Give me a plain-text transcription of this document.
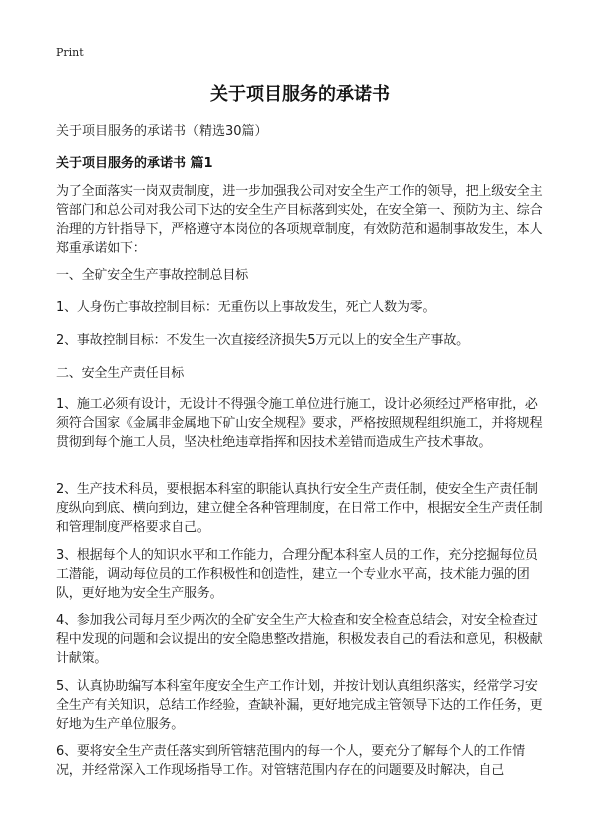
Print
关于项目服务的承诺书
关于项目服务的承诺书（精选30篇）
关于项目服务的承诺书 篇1

为了全面落实一岗双责制度，进一步加强我公司对安全生产工作的领导，把上级安全主管部门和总公司对我公司下达的安全生产目标落到实处，在安全第一、预防为主、综合治理的方针指导下，严格遵守本岗位的各项规章制度，有效防范和遏制事故发生，本人郑重承诺如下：

一、全矿安全生产事故控制总目标

1、人身伤亡事故控制目标：无重伤以上事故发生，死亡人数为零。

2、事故控制目标：不发生一次直接经济损失5万元以上的安全生产事故。

二、安全生产责任目标

1、施工必须有设计，无设计不得强令施工单位进行施工，设计必须经过严格审批，必须符合国家《金属非金属地下矿山安全规程》要求，严格按照规程组织施工，并将规程贯彻到每个施工人员，坚决杜绝违章指挥和因技术差错而造成生产技术事故。

2、生产技术科员，要根据本科室的职能认真执行安全生产责任制，使安全生产责任制度纵向到底、横向到边，建立健全各种管理制度，在日常工作中，根据安全生产责任制和管理制度严格要求自己。

3、根据每个人的知识水平和工作能力，合理分配本科室人员的工作，充分挖掘每位员工潜能，调动每位员的工作积极性和创造性，建立一个专业水平高，技术能力强的团队，更好地为安全生产服务。

4、参加我公司每月至少两次的全矿安全生产大检查和安全检查总结会，对安全检查过程中发现的问题和会议提出的安全隐患整改措施，积极发表自己的看法和意见，积极献计献策。

5、认真协助编写本科室年度安全生产工作计划，并按计划认真组织落实，经常学习安全生产有关知识，总结工作经验，查缺补漏，更好地完成主管领导下达的工作任务，更好地为生产单位服务。

6、要将安全生产责任落实到所管辖范围内的每一个人，要充分了解每个人的工作情况，并经常深入工作现场指导工作。对管辖范围内存在的问题要及时解决，自己
